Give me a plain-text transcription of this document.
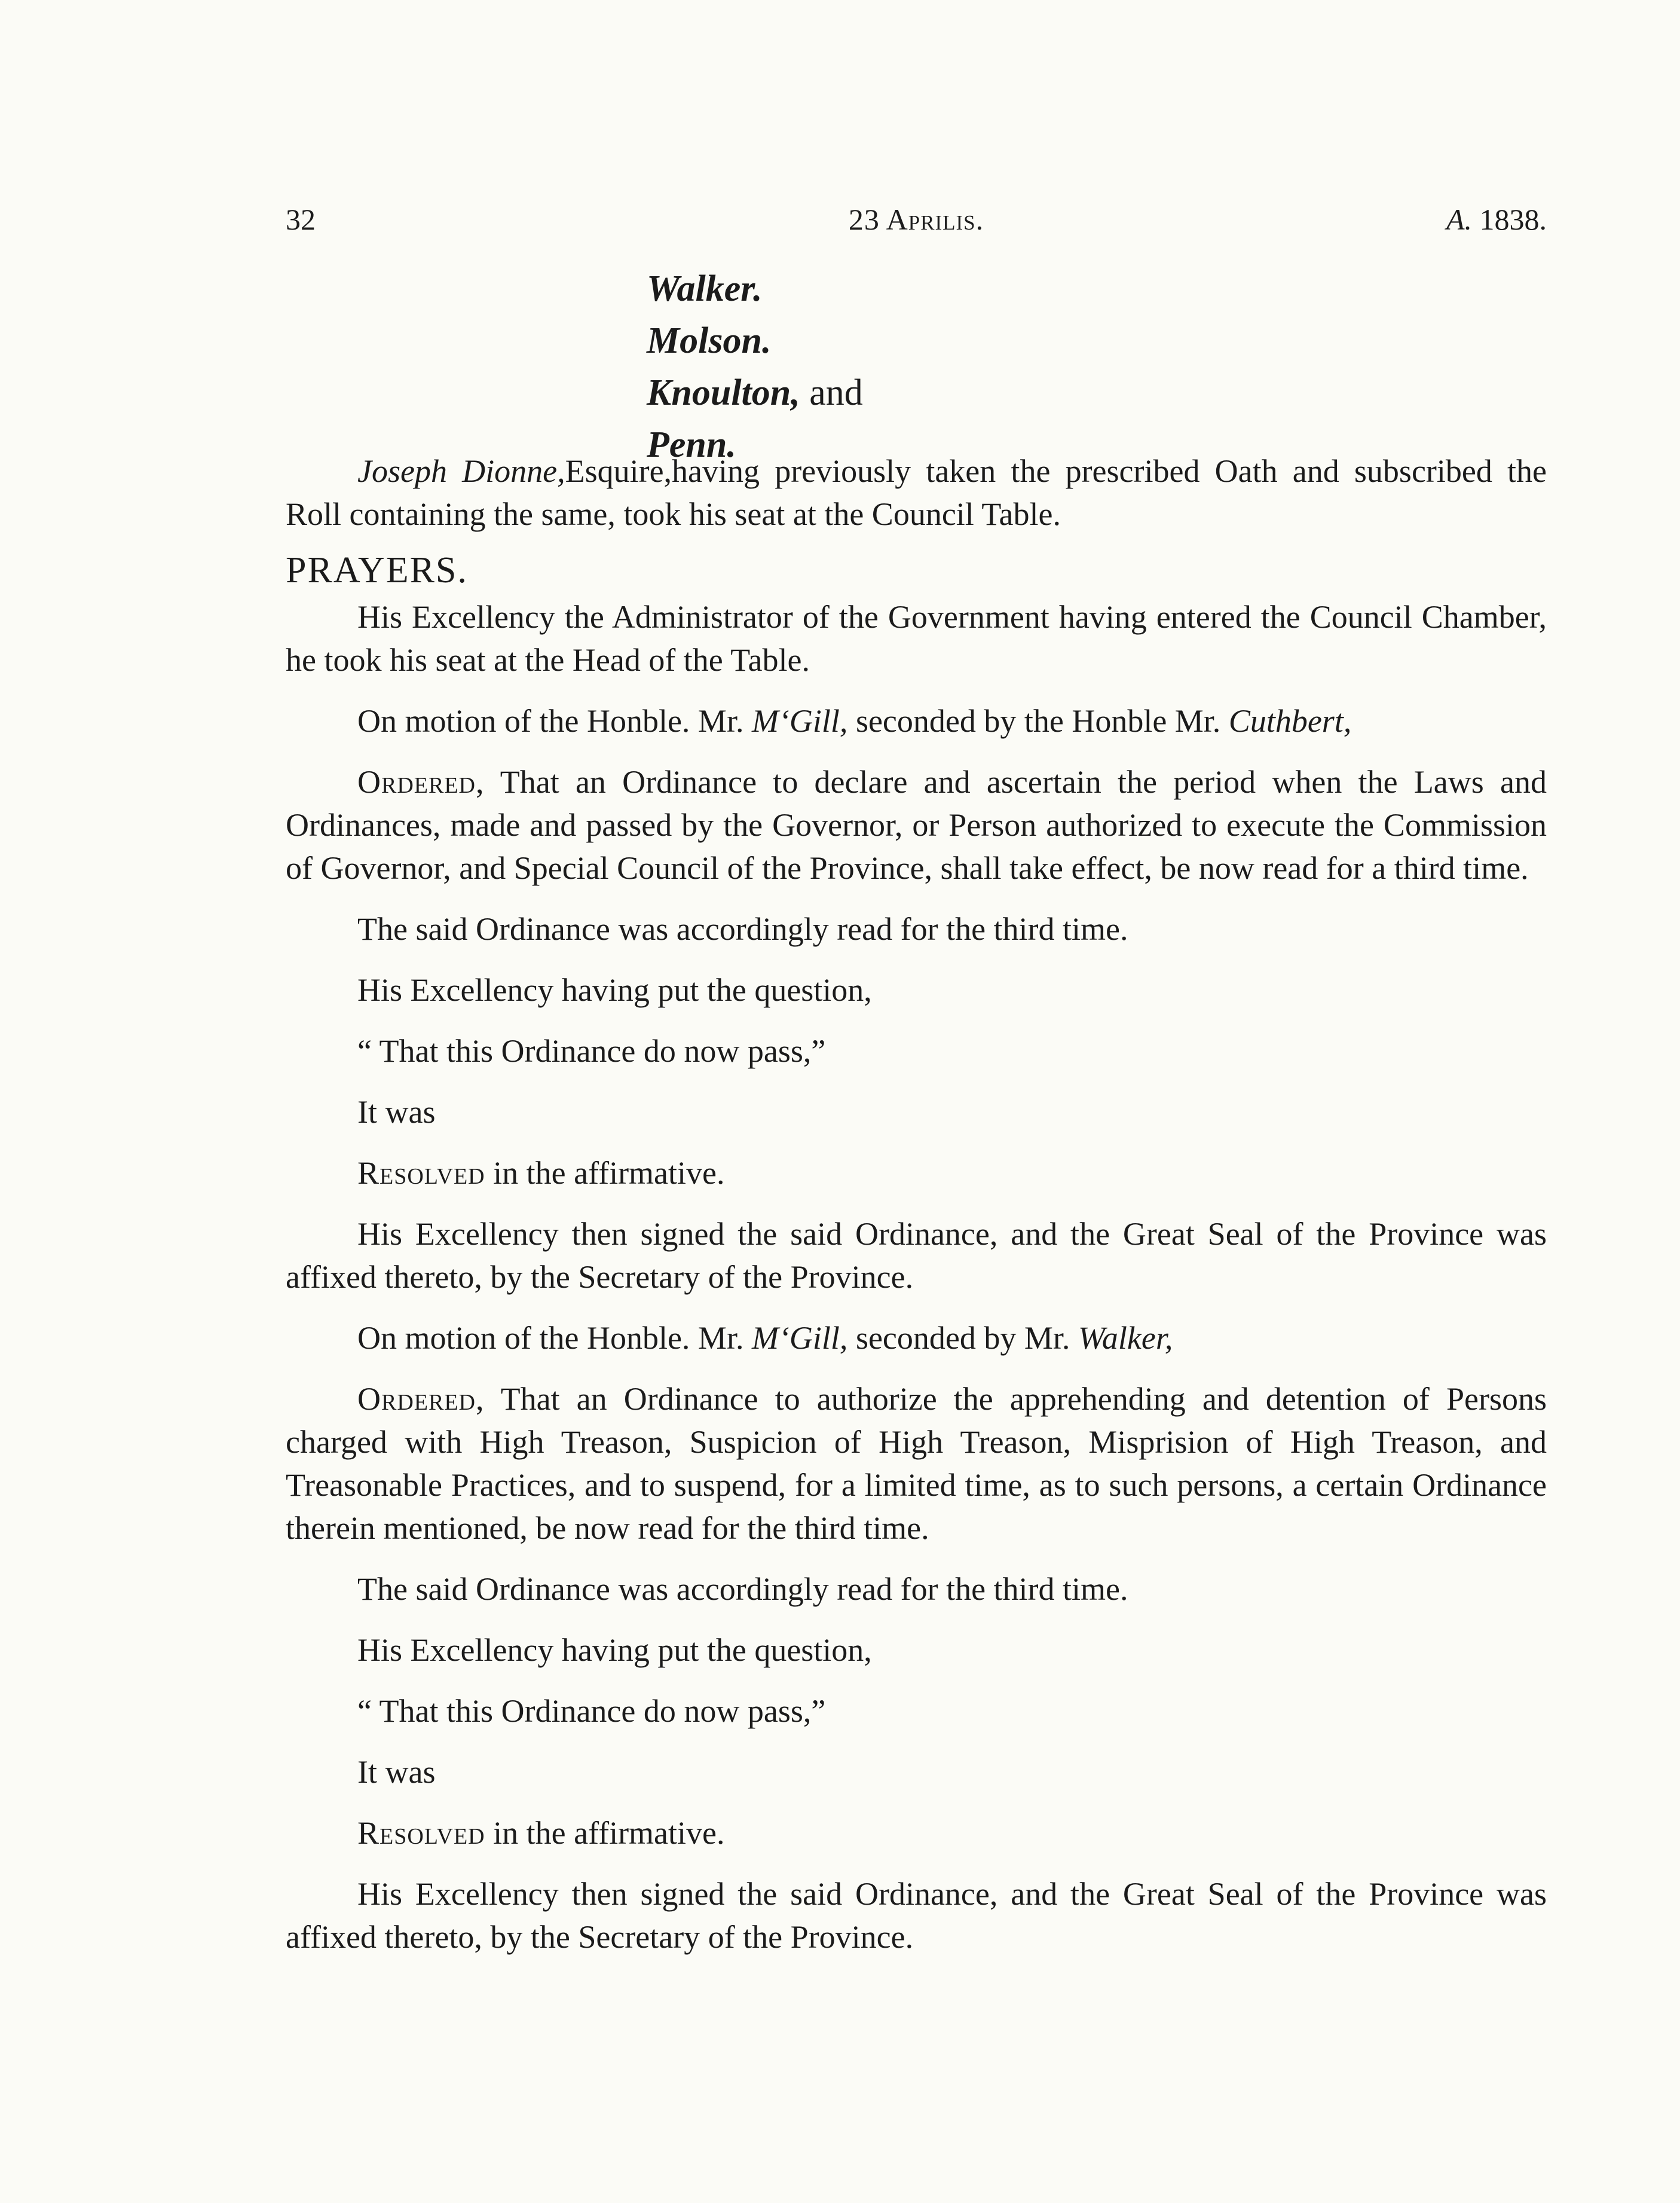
32	23 Aprilis.	A. 1838.
Walker.
Molson.
Knoulton, and
Penn.

Joseph Dionne,Esquire,having previously taken the prescribed Oath and subscribed the Roll containing the same, took his seat at the Council Table.

PRAYERS.

His Excellency the Administrator of the Government having entered the Council Chamber, he took his seat at the Head of the Table.

On motion of the Honble. Mr. M‘Gill, seconded by the Honble Mr. Cuthbert,

Ordered, That an Ordinance to declare and ascertain the period when the Laws and Ordinances, made and passed by the Governor, or Person authorized to execute the Commission of Governor, and Special Council of the Province, shall take effect, be now read for a third time.

The said Ordinance was accordingly read for the third time.

His Excellency having put the question,

“ That this Ordinance do now pass,”

It was

Resolved in the affirmative.

His Excellency then signed the said Ordinance, and the Great Seal of the Province was affixed thereto, by the Secretary of the Province.

On motion of the Honble. Mr. M‘Gill, seconded by Mr. Walker,

Ordered, That an Ordinance to authorize the apprehending and detention of Persons charged with High Treason, Suspicion of High Treason, Misprision of High Treason, and Treasonable Practices, and to suspend, for a limited time, as to such persons, a certain Ordinance therein mentioned, be now read for the third time.

The said Ordinance was accordingly read for the third time.

His Excellency having put the question,

“ That this Ordinance do now pass,”

It was

Resolved in the affirmative.

His Excellency then signed the said Ordinance, and the Great Seal of the Province was affixed thereto, by the Secretary of the Province.
